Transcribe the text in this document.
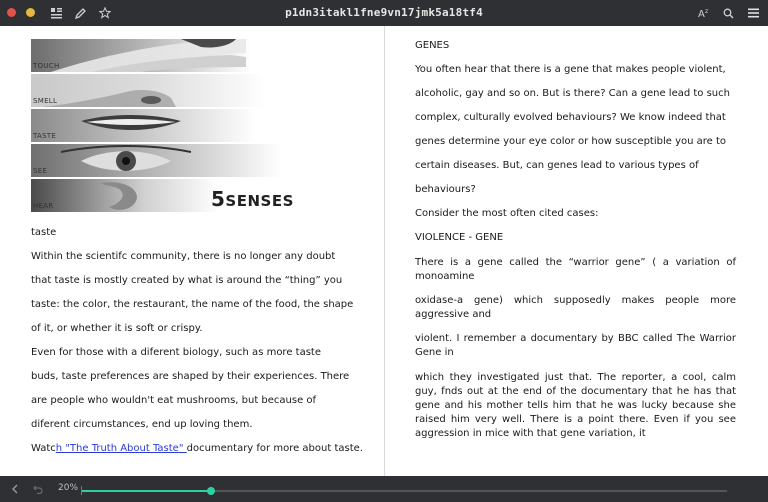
p1dn3itakl1fne9vn17jmk5a18tf4	A z
TOUCH
SMELL
TASTE
SEE
HEAR	5SENSES
taste
Within the scientifc community, there is no longer any doubt
that taste is mostly created by what is around the “thing” you
taste: the color, the restaurant, the name of the food, the shape
of it, or whether it is soft or crispy.
Even for those with a diferent biology, such as more taste
buds, taste preferences are shaped by their experiences. There
are people who wouldn't eat mushrooms, but because of
diferent circumstances, end up loving them.
Watch "The Truth About Taste" documentary for more about taste.
GENES
You often hear that there is a gene that makes people violent,
alcoholic, gay and so on. But is there? Can a gene lead to such
complex, culturally evolved behaviours? We know indeed that
genes determine your eye color or how susceptible you are to
certain diseases. But, can genes lead to various types of
behaviours?
Consider the most often cited cases:
VIOLENCE - GENE
There is a gene called the “warrior gene” ( a variation of monoamine
oxidase-a gene) which supposedly makes people more aggressive and
violent. I remember a documentary by BBC called The Warrior Gene in
which they investigated just that. The reporter, a cool, calm guy, fnds out at the end of the documentary that he has that gene and his mother tells him that he was lucky because she raised him very well. There is a point there. Even if you see aggression in mice with that gene variation, it
20%
